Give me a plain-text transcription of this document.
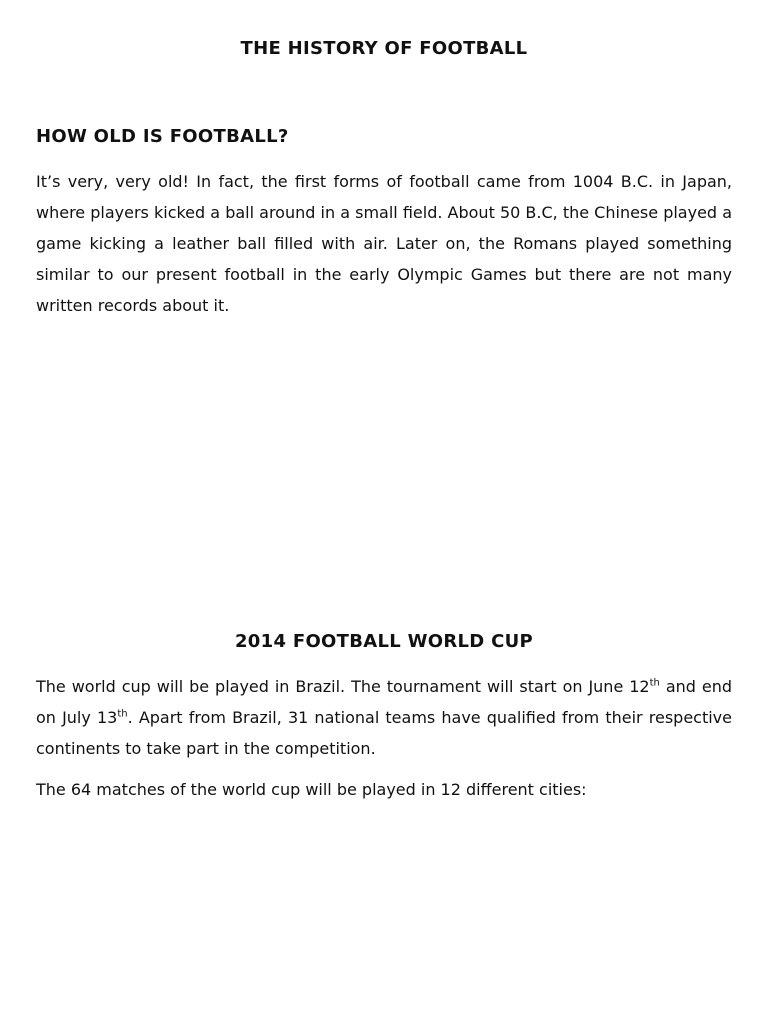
THE HISTORY OF FOOTBALL
HOW OLD IS FOOTBALL?

It’s very, very old! In fact, the first forms of football came from 1004 B.C. in Japan, where players kicked a ball around in a small field. About 50 B.C, the Chinese played a game kicking a leather ball filled with air. Later on, the Romans played something similar to our present football in the early Olympic Games but there are not many written records about it.

2014 FOOTBALL WORLD CUP

The world cup will be played in Brazil. The tournament will start on June 12th and end on July 13th. Apart from Brazil, 31 national teams have qualified from their respective continents to take part in the competition.

The 64 matches of the world cup will be played in 12 different cities:
